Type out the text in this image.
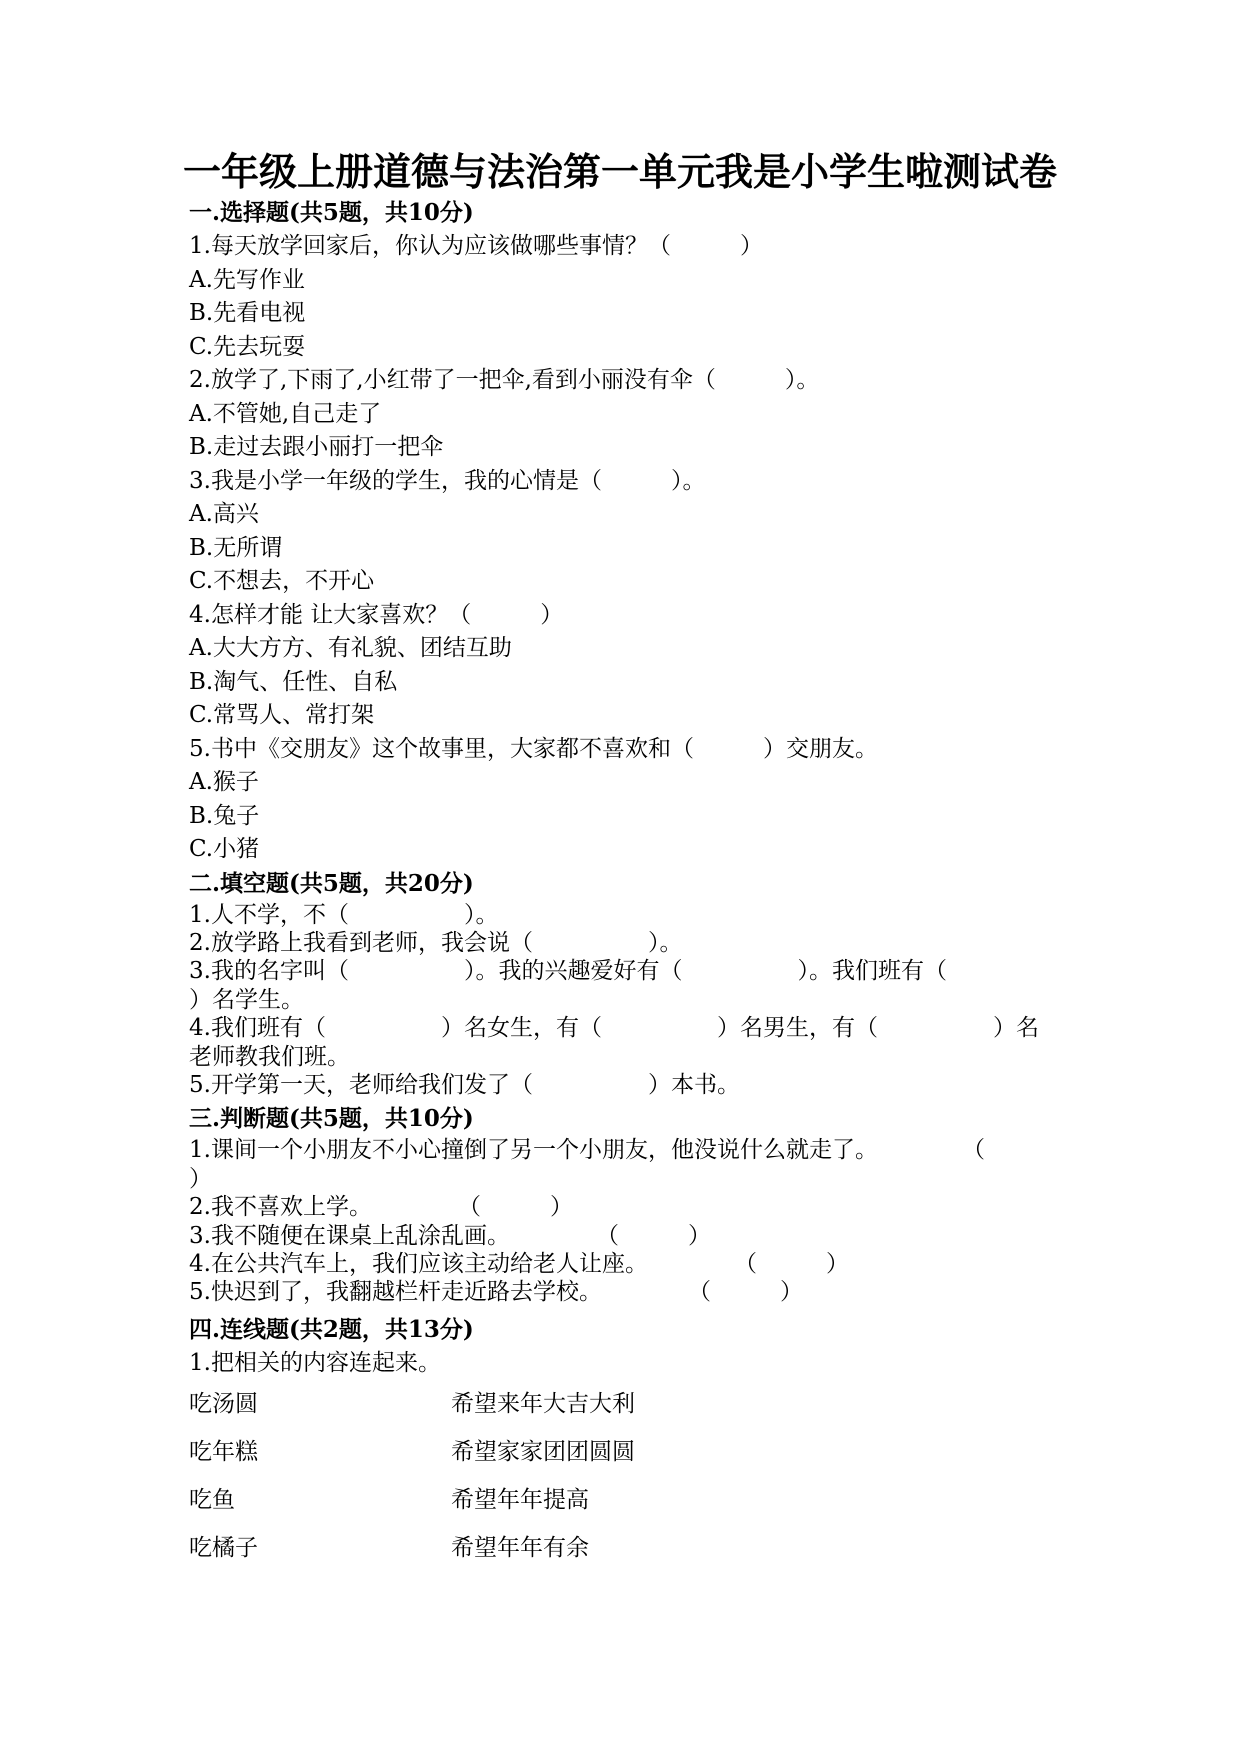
一年级上册道德与法治第一单元我是小学生啦测试卷
一.选择题(共5题，共10分)
1.每天放学回家后，你认为应该做哪些事情？（　　　）
A.先写作业
B.先看电视
C.先去玩耍
2.放学了,下雨了,小红带了一把伞,看到小丽没有伞（　　　）。
A.不管她,自己走了
B.走过去跟小丽打一把伞
3.我是小学一年级的学生，我的心情是（　　　）。
A.高兴
B.无所谓
C.不想去，不开心
4.怎样才能 让大家喜欢？（　　　）
A.大大方方、有礼貌、团结互助
B.淘气、任性、自私
C.常骂人、常打架
5.书中《交朋友》这个故事里，大家都不喜欢和（　　　）交朋友。
A.猴子
B.兔子
C.小猪
二.填空题(共5题，共20分)
1.人不学，不（　　　　　）。
2.放学路上我看到老师，我会说（　　　　　）。
3.我的名字叫（　　　　　）。我的兴趣爱好有（　　　　　）。我们班有（　　　　　）名学生。
4.我们班有（　　　　　）名女生，有（　　　　　）名男生，有（　　　　　）名老师教我们班。
5.开学第一天，老师给我们发了（　　　　　）本书。
三.判断题(共5题，共10分)
1.课间一个小朋友不小心撞倒了另一个小朋友，他没说什么就走了。	（　　　）
2.我不喜欢上学。	（　　　）
3.我不随便在课桌上乱涂乱画。	（　　　）
4.在公共汽车上，我们应该主动给老人让座。	（　　　）
5.快迟到了，我翻越栏杆走近路去学校。	（　　　）
四.连线题(共2题，共13分)
1.把相关的内容连起来。
吃汤圆	希望来年大吉大利
吃年糕	希望家家团团圆圆
吃鱼	希望年年提高
吃橘子	希望年年有余
